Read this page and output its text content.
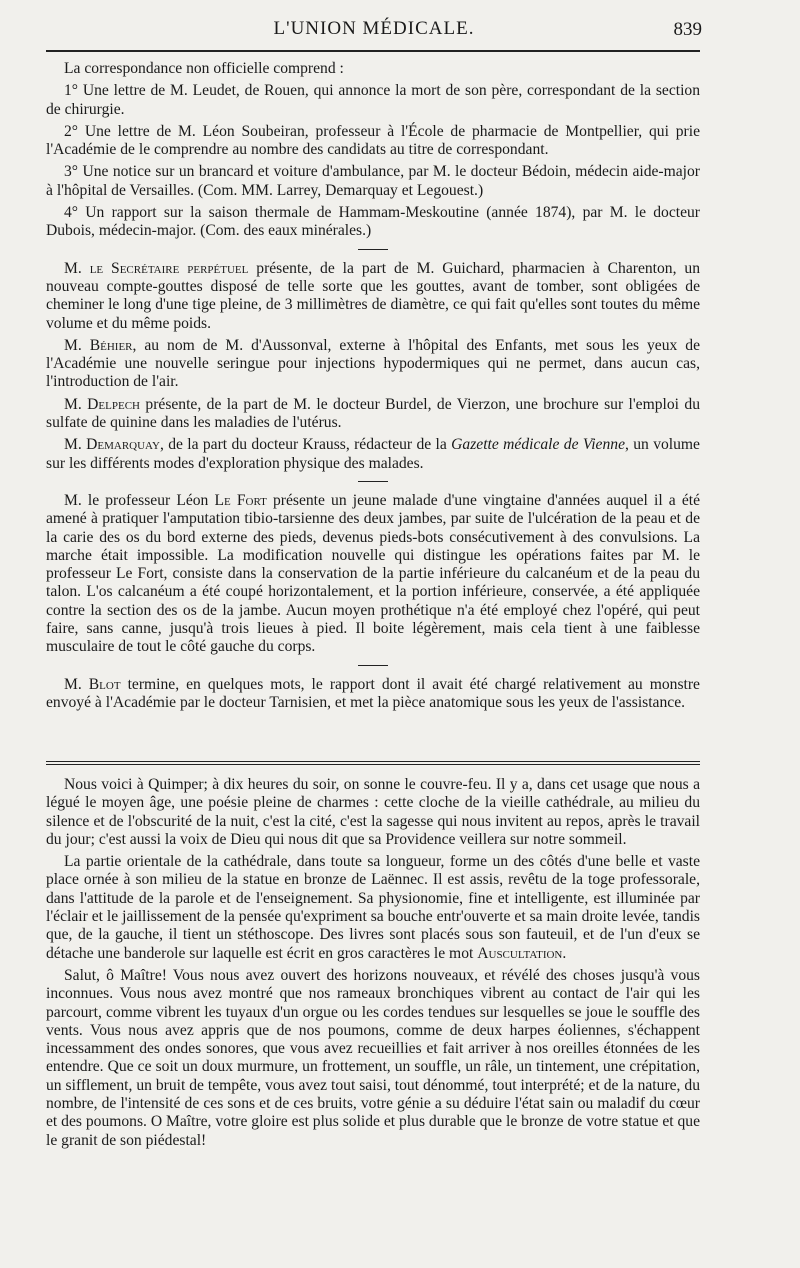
L'UNION MÉDICALE.	839

La correspondance non officielle comprend :

1° Une lettre de M. Leudet, de Rouen, qui annonce la mort de son père, correspondant de la section de chirurgie.

2° Une lettre de M. Léon Soubeiran, professeur à l'École de pharmacie de Montpellier, qui prie l'Académie de le comprendre au nombre des candidats au titre de correspondant.

3° Une notice sur un brancard et voiture d'ambulance, par M. le docteur Bédoin, médecin aide-major à l'hôpital de Versailles. (Com. MM. Larrey, Demarquay et Legouest.)

4° Un rapport sur la saison thermale de Hammam-Meskoutine (année 1874), par M. le docteur Dubois, médecin-major. (Com. des eaux minérales.)

M. le Secrétaire perpétuel présente, de la part de M. Guichard, pharmacien à Charenton, un nouveau compte-gouttes disposé de telle sorte que les gouttes, avant de tomber, sont obligées de cheminer le long d'une tige pleine, de 3 millimètres de diamètre, ce qui fait qu'elles sont toutes du même volume et du même poids.

M. Béhier, au nom de M. d'Aussonval, externe à l'hôpital des Enfants, met sous les yeux de l'Académie une nouvelle seringue pour injections hypodermiques qui ne permet, dans aucun cas, l'introduction de l'air.

M. Delpech présente, de la part de M. le docteur Burdel, de Vierzon, une brochure sur l'emploi du sulfate de quinine dans les maladies de l'utérus.

M. Demarquay, de la part du docteur Krauss, rédacteur de la Gazette médicale de Vienne, un volume sur les différents modes d'exploration physique des malades.

M. le professeur Léon Le Fort présente un jeune malade d'une vingtaine d'années auquel il a été amené à pratiquer l'amputation tibio-tarsienne des deux jambes, par suite de l'ulcération de la peau et de la carie des os du bord externe des pieds, devenus pieds-bots consécutivement à des convulsions. La marche était impossible. La modification nouvelle qui distingue les opérations faites par M. le professeur Le Fort, consiste dans la conservation de la partie inférieure du calcanéum et de la peau du talon. L'os calcanéum a été coupé horizontalement, et la portion inférieure, conservée, a été appliquée contre la section des os de la jambe. Aucun moyen prothétique n'a été employé chez l'opéré, qui peut faire, sans canne, jusqu'à trois lieues à pied. Il boite légèrement, mais cela tient à une faiblesse musculaire de tout le côté gauche du corps.

M. Blot termine, en quelques mots, le rapport dont il avait été chargé relativement au monstre envoyé à l'Académie par le docteur Tarnisien, et met la pièce anatomique sous les yeux de l'assistance.

Nous voici à Quimper; à dix heures du soir, on sonne le couvre-feu. Il y a, dans cet usage que nous a légué le moyen âge, une poésie pleine de charmes : cette cloche de la vieille cathédrale, au milieu du silence et de l'obscurité de la nuit, c'est la cité, c'est la sagesse qui nous invitent au repos, après le travail du jour; c'est aussi la voix de Dieu qui nous dit que sa Providence veillera sur notre sommeil.

La partie orientale de la cathédrale, dans toute sa longueur, forme un des côtés d'une belle et vaste place ornée à son milieu de la statue en bronze de Laënnec. Il est assis, revêtu de la toge professorale, dans l'attitude de la parole et de l'enseignement. Sa physionomie, fine et intelligente, est illuminée par l'éclair et le jaillissement de la pensée qu'expriment sa bouche entr'ouverte et sa main droite levée, tandis que, de la gauche, il tient un stéthoscope. Des livres sont placés sous son fauteuil, et de l'un d'eux se détache une banderole sur laquelle est écrit en gros caractères le mot Auscultation.

Salut, ô Maître! Vous nous avez ouvert des horizons nouveaux, et révélé des choses jusqu'à vous inconnues. Vous nous avez montré que nos rameaux bronchiques vibrent au contact de l'air qui les parcourt, comme vibrent les tuyaux d'un orgue ou les cordes tendues sur lesquelles se joue le souffle des vents. Vous nous avez appris que de nos poumons, comme de deux harpes éoliennes, s'échappent incessamment des ondes sonores, que vous avez recueillies et fait arriver à nos oreilles étonnées de les entendre. Que ce soit un doux murmure, un frottement, un souffle, un râle, un tintement, une crépitation, un sifflement, un bruit de tempête, vous avez tout saisi, tout dénommé, tout interprété; et de la nature, du nombre, de l'intensité de ces sons et de ces bruits, votre génie a su déduire l'état sain ou maladif du cœur et des poumons. O Maître, votre gloire est plus solide et plus durable que le bronze de votre statue et que le granit de son piédestal!
